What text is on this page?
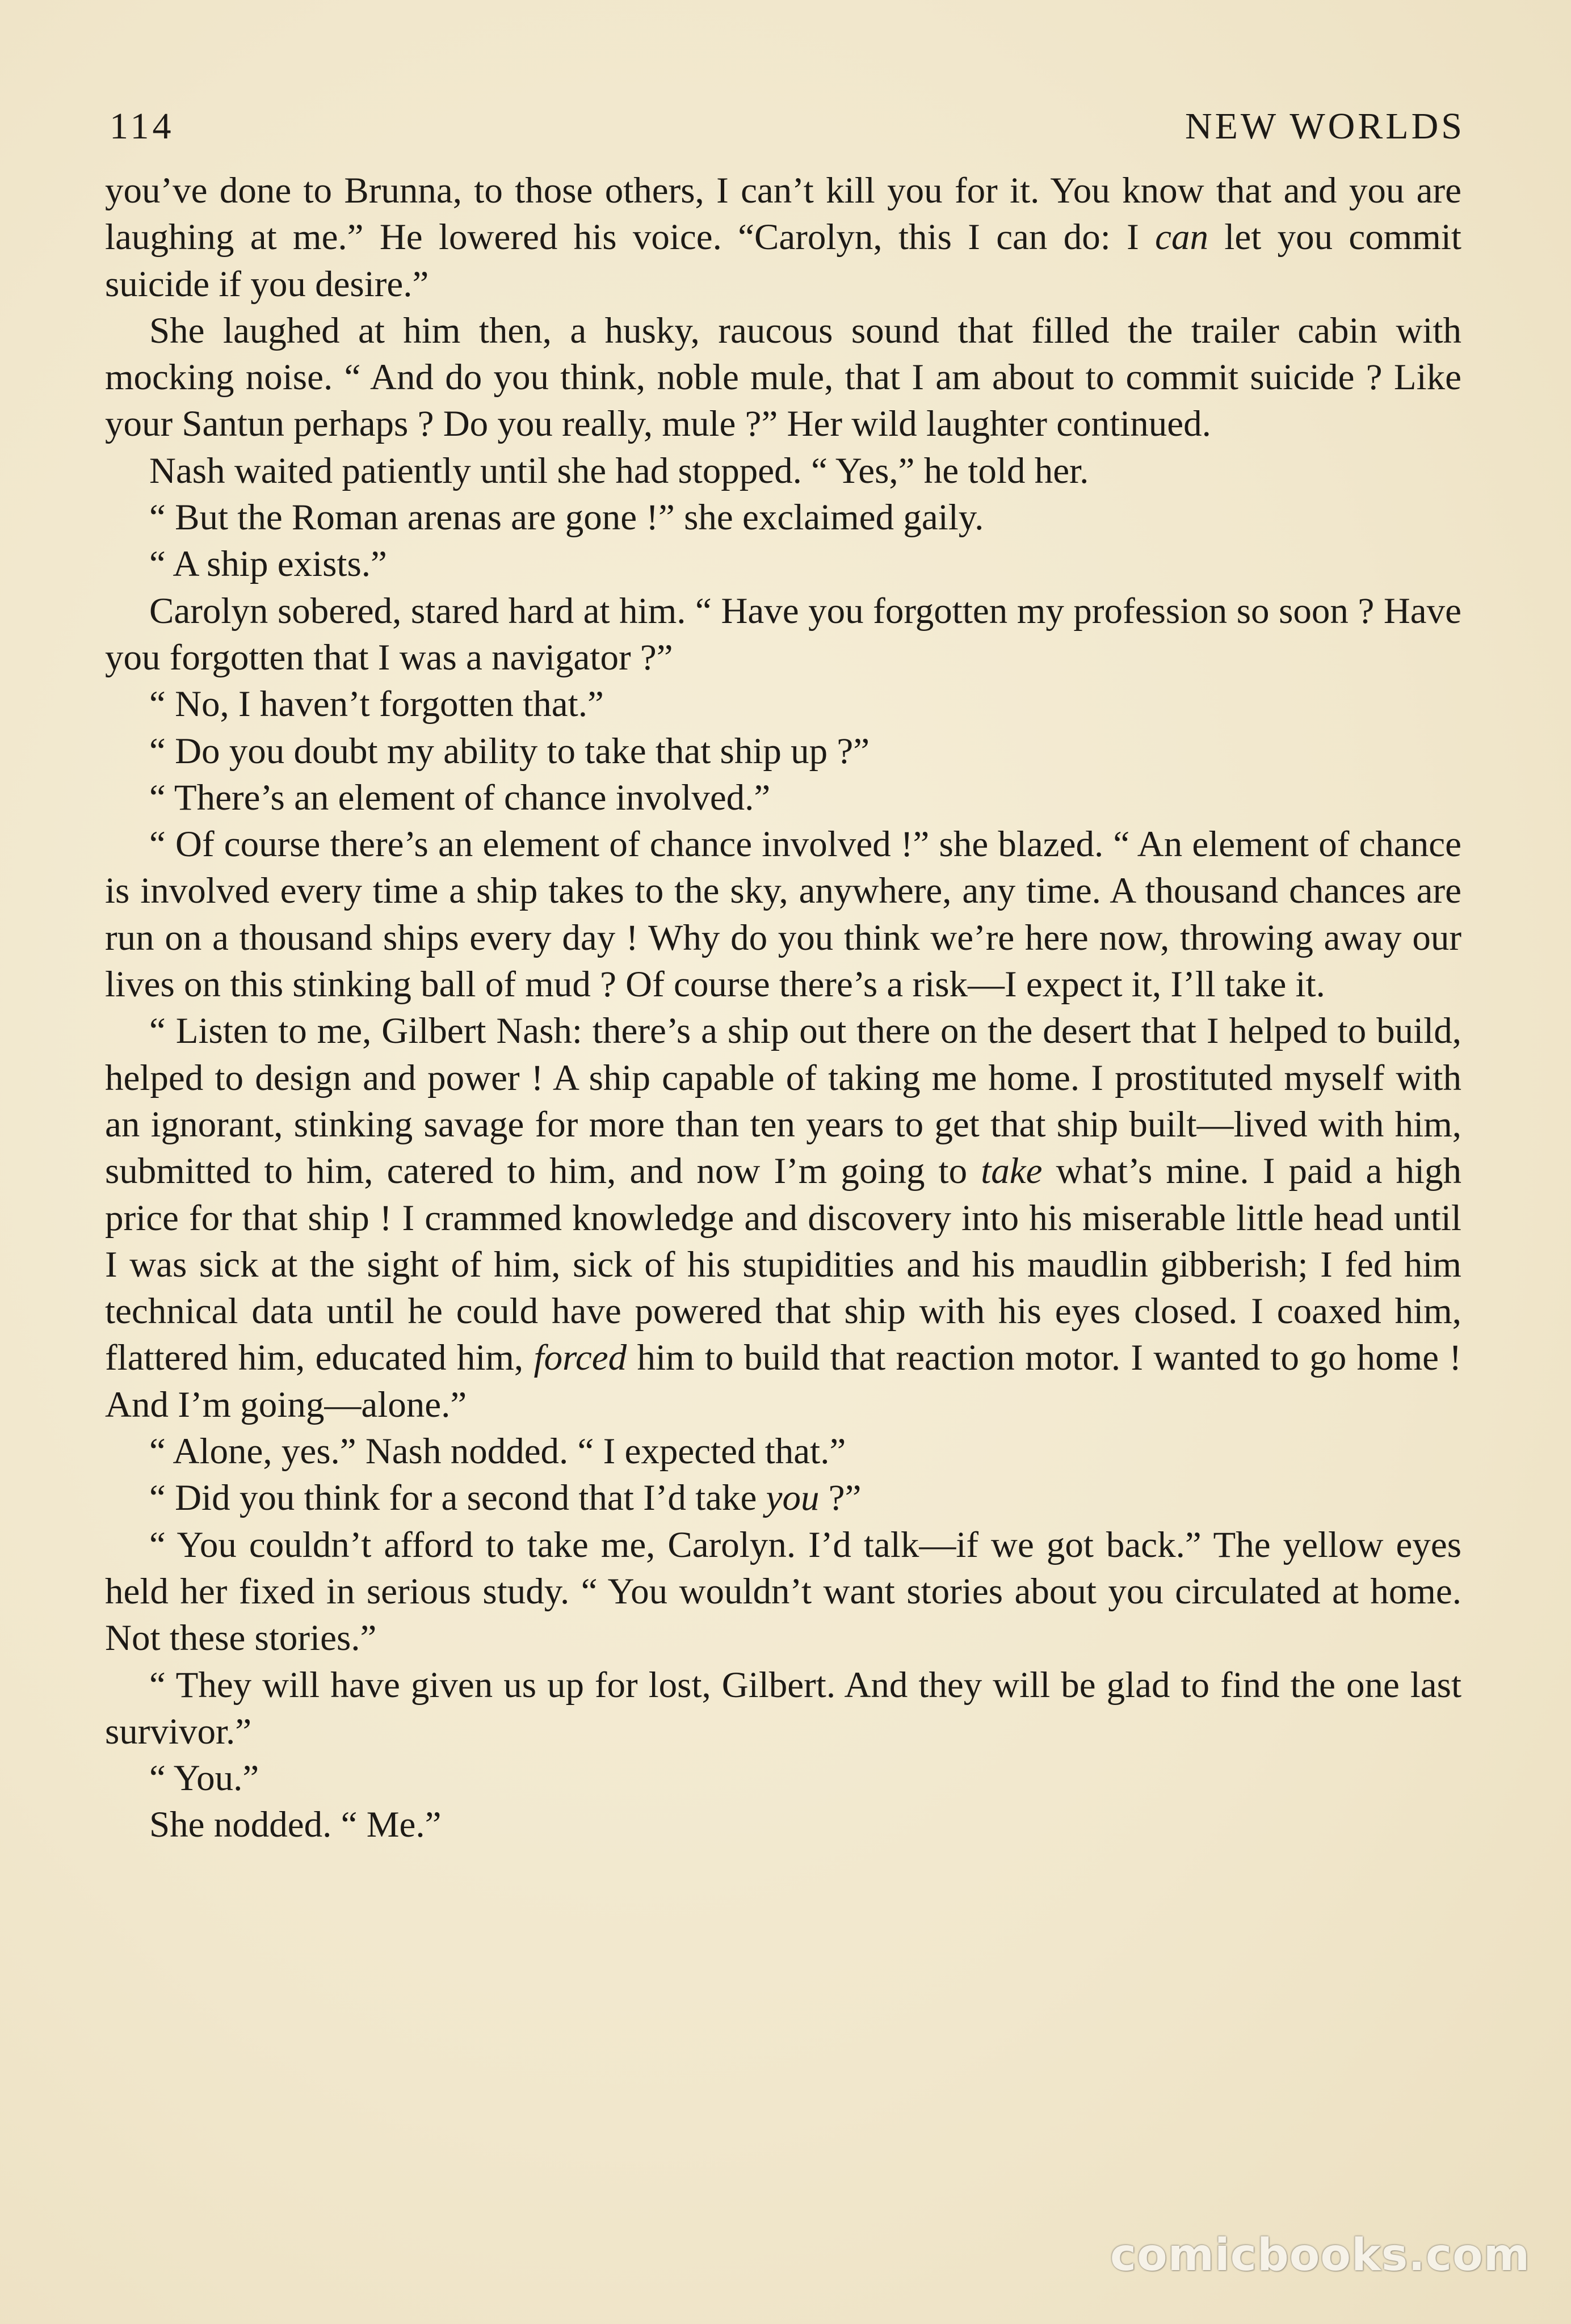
114	NEW WORLDS

you’ve done to Brunna, to those others, I can’t kill you for it. You know that and you are laughing at me.” He lowered his voice. “Carolyn, this I can do: I can let you commit suicide if you desire.”

She laughed at him then, a husky, raucous sound that filled the trailer cabin with mocking noise. “ And do you think, noble mule, that I am about to commit suicide ? Like your Santun perhaps ? Do you really, mule ?” Her wild laughter continued.

Nash waited patiently until she had stopped. “ Yes,” he told her.

“ But the Roman arenas are gone !” she exclaimed gaily.

“ A ship exists.”

Carolyn sobered, stared hard at him. “ Have you forgotten my profession so soon ? Have you forgotten that I was a navigator ?”

“ No, I haven’t forgotten that.”

“ Do you doubt my ability to take that ship up ?”

“ There’s an element of chance involved.”

“ Of course there’s an element of chance involved !” she blazed. “ An element of chance is involved every time a ship takes to the sky, anywhere, any time. A thousand chances are run on a thousand ships every day ! Why do you think we’re here now, throwing away our lives on this stinking ball of mud ? Of course there’s a risk—I expect it, I’ll take it.

“ Listen to me, Gilbert Nash: there’s a ship out there on the desert that I helped to build, helped to design and power ! A ship capable of taking me home. I prostituted myself with an ignorant, stinking savage for more than ten years to get that ship built—lived with him, submitted to him, catered to him, and now I’m going to take what’s mine. I paid a high price for that ship ! I crammed knowledge and discovery into his miserable little head until I was sick at the sight of him, sick of his stupidities and his maudlin gibberish; I fed him technical data until he could have powered that ship with his eyes closed. I coaxed him, flattered him, educated him, forced him to build that reaction motor. I wanted to go home ! And I’m going—alone.”

“ Alone, yes.” Nash nodded. “ I expected that.”

“ Did you think for a second that I’d take you ?”

“ You couldn’t afford to take me, Carolyn. I’d talk—if we got back.” The yellow eyes held her fixed in serious study. “ You wouldn’t want stories about you circulated at home. Not these stories.”

“ They will have given us up for lost, Gilbert. And they will be glad to find the one last survivor.”

“ You.”

She nodded. “ Me.”

comicbooks.com
